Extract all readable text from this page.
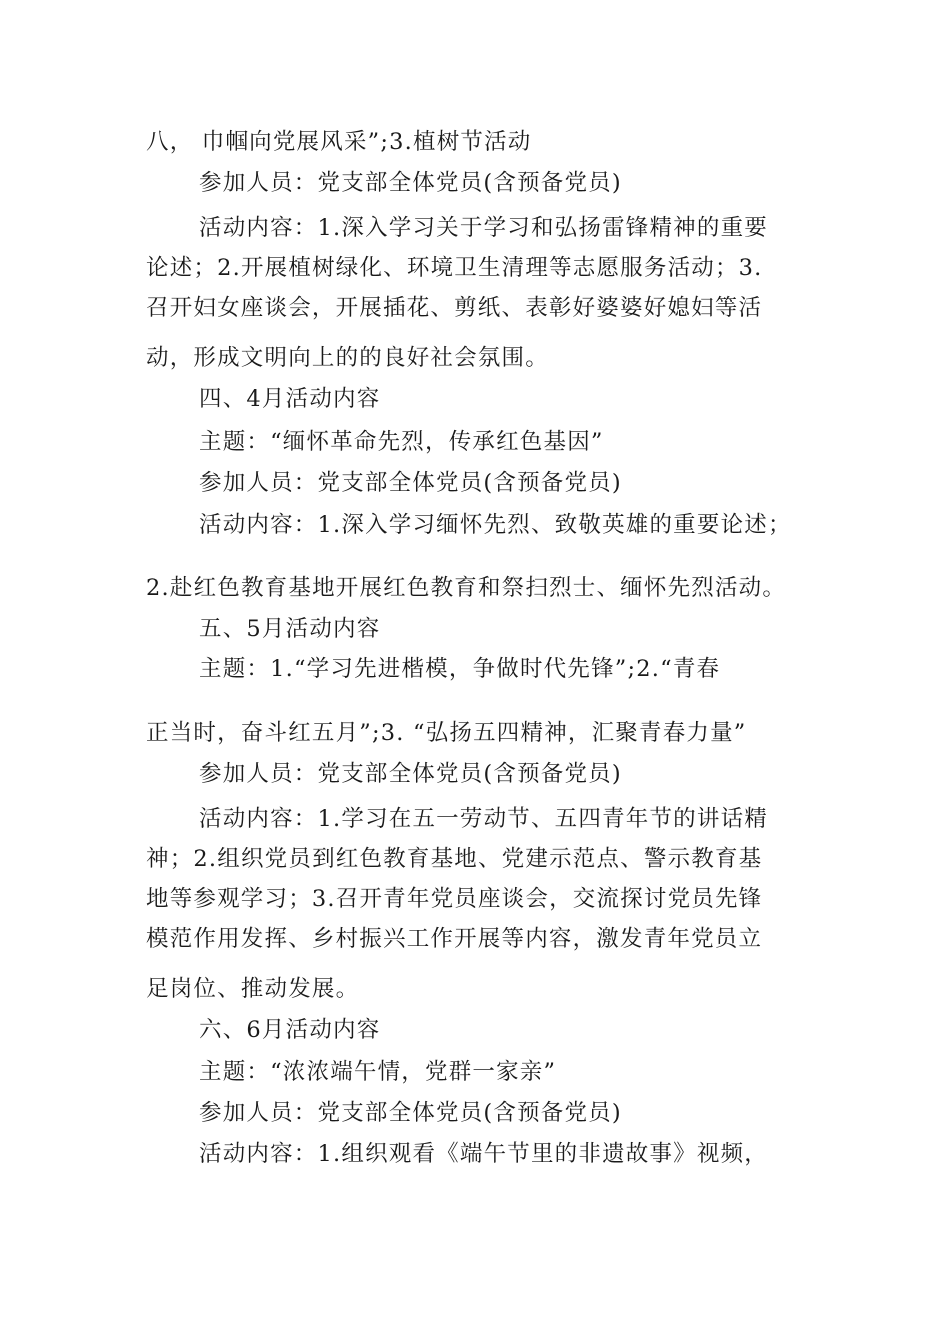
八， 巾帼向党展风采”;3.植树节活动
参加人员：党支部全体党员(含预备党员)
活动内容：1.深入学习关于学习和弘扬雷锋精神的重要
论述；2.开展植树绿化、环境卫生清理等志愿服务活动；3.
召开妇女座谈会，开展插花、剪纸、表彰好婆婆好媳妇等活
动，形成文明向上的的良好社会氛围。
四、4月活动内容
主题：“缅怀革命先烈，传承红色基因”
参加人员：党支部全体党员(含预备党员)
活动内容：1.深入学习缅怀先烈、致敬英雄的重要论述；
2.赴红色教育基地开展红色教育和祭扫烈士、缅怀先烈活动。
五、5月活动内容
主题：1.“学习先进楷模，争做时代先锋”;2.“青春
正当时，奋斗红五月”;3. “弘扬五四精神，汇聚青春力量”
参加人员：党支部全体党员(含预备党员)
活动内容：1.学习在五一劳动节、五四青年节的讲话精
神；2.组织党员到红色教育基地、党建示范点、警示教育基
地等参观学习；3.召开青年党员座谈会，交流探讨党员先锋
模范作用发挥、乡村振兴工作开展等内容，激发青年党员立
足岗位、推动发展。
六、6月活动内容
主题：“浓浓端午情，党群一家亲”
参加人员：党支部全体党员(含预备党员)
活动内容：1.组织观看《端午节里的非遗故事》视频，
